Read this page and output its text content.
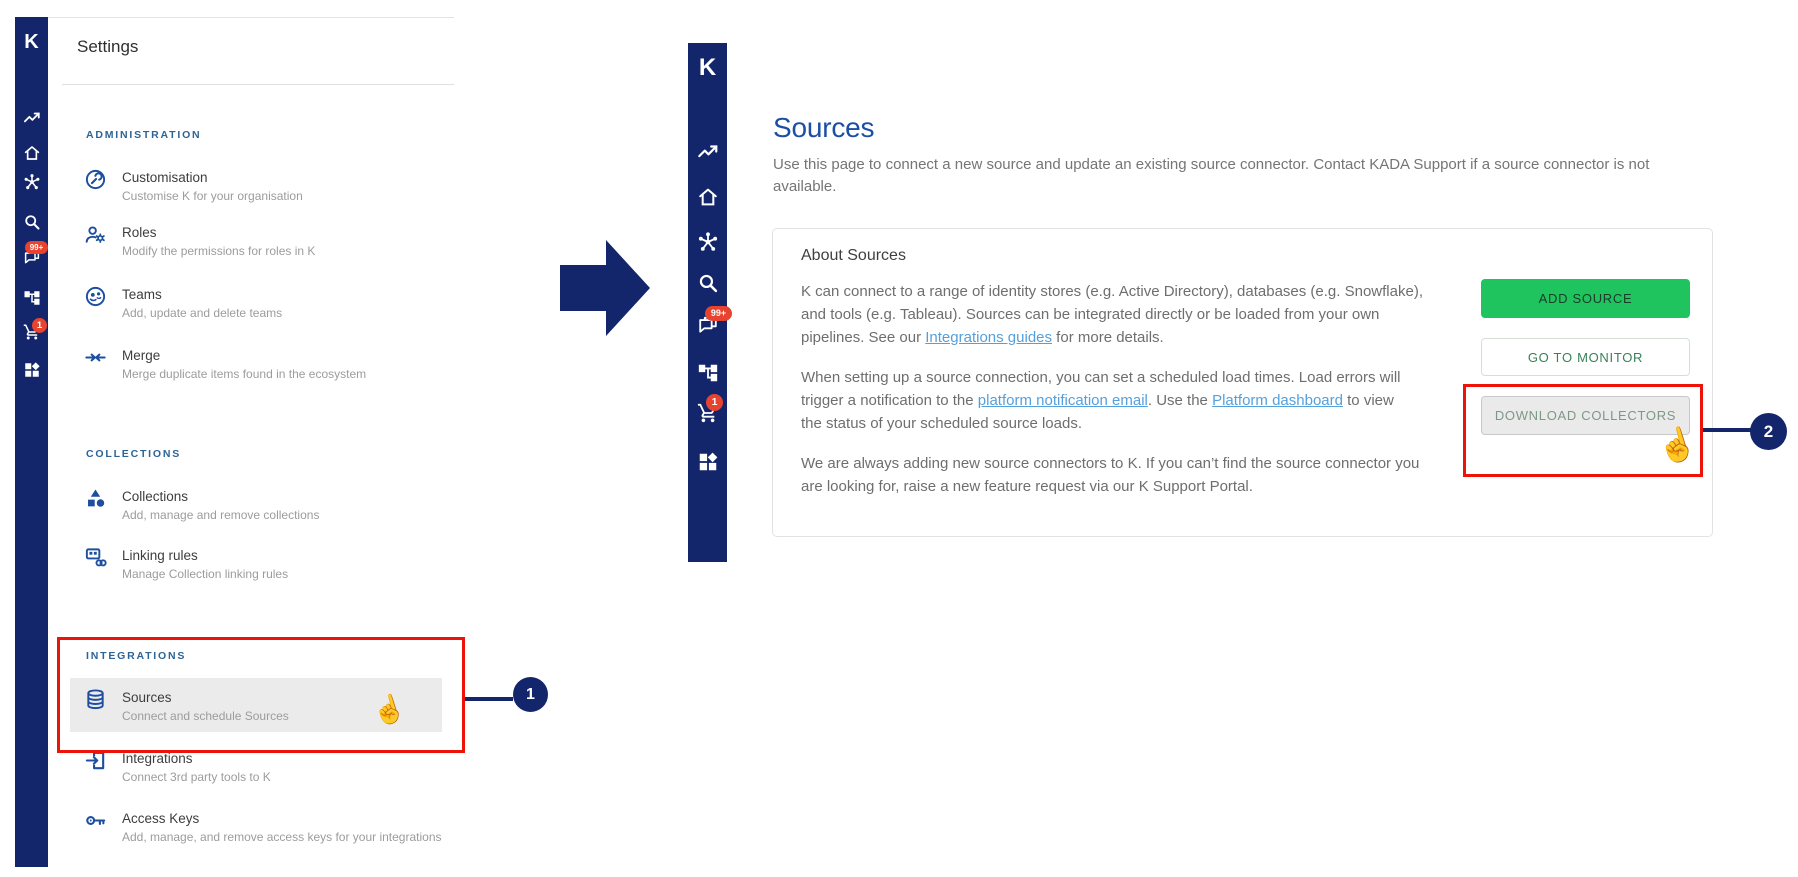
K
99+
1
Settings
ADMINISTRATION
Customisation
Customise K for your organisation
Roles
Modify the permissions for roles in K
Teams
Add, update and delete teams
Merge
Merge duplicate items found in the ecosystem
COLLECTIONS
Collections
Add, manage and remove collections
Linking rules
Manage Collection linking rules
INTEGRATIONS
Sources
Connect and schedule Sources
Integrations
Connect 3rd party tools to K
Access Keys
Add, manage, and remove access keys for your integrations
☝	1
K
99+
1
Sources
Use this page to connect a new source and update an existing source connector. Contact KADA Support if a source connector is not
available.
About Sources
K can connect to a range of identity stores (e.g. Active Directory), databases (e.g. Snowflake),
and tools (e.g. Tableau). Sources can be integrated directly or be loaded from your own
pipelines. See our Integrations guides for more details.
When setting up a source connection, you can set a scheduled load times. Load errors will
trigger a notification to the platform notification email. Use the Platform dashboard to view
the status of your scheduled source loads.
We are always adding new source connectors to K. If you can’t find the source connector you
are looking for, raise a new feature request via our K Support Portal.
ADD SOURCE
GO TO MONITOR
DOWNLOAD COLLECTORS
☝	2
